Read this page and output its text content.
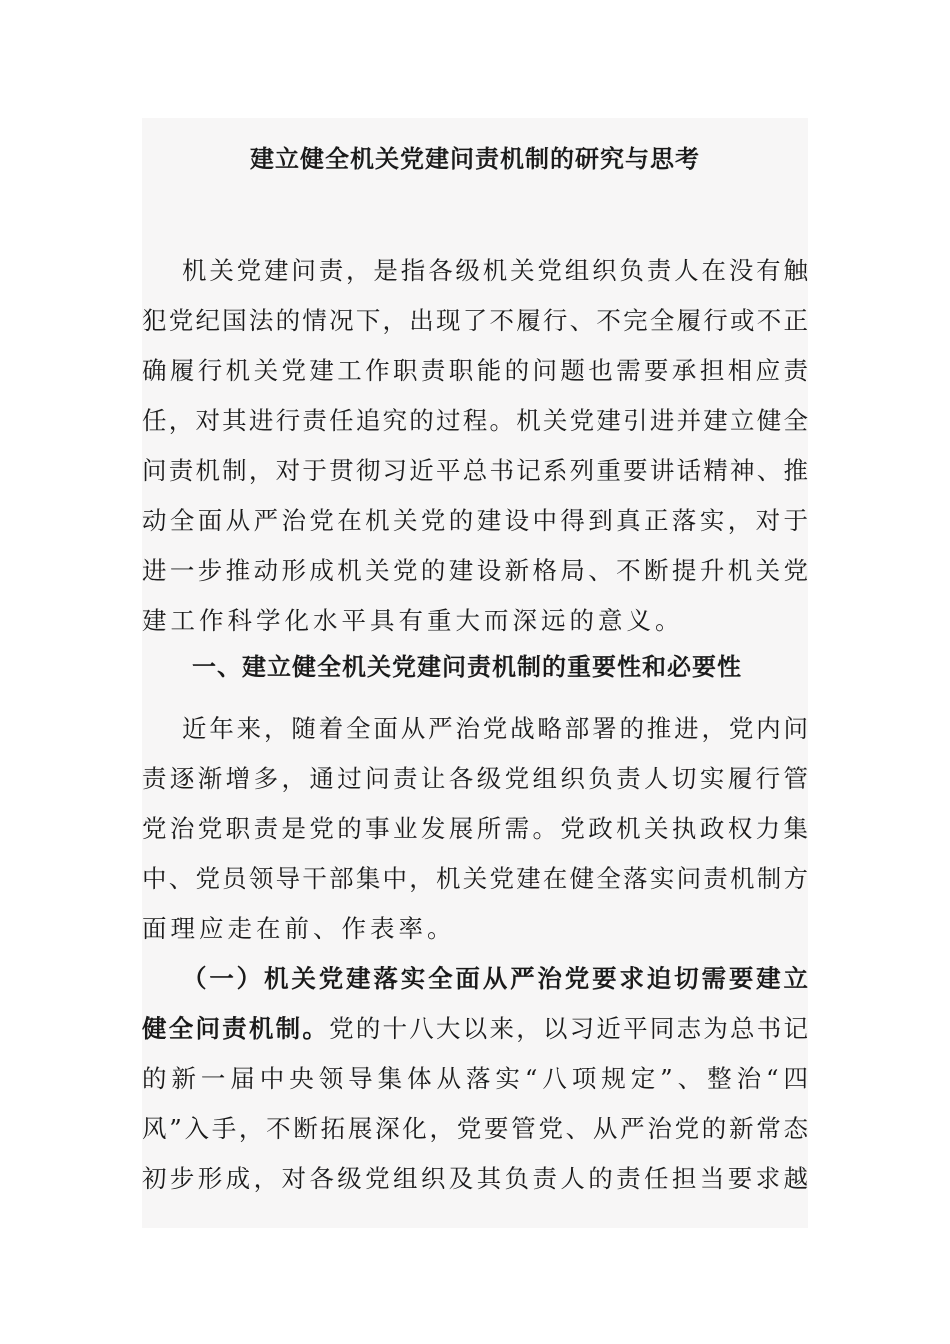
建立健全机关党建问责机制的研究与思考
机关党建问责，是指各级机关党组织负责人在没有触
犯党纪国法的情况下，出现了不履行、不完全履行或不正
确履行机关党建工作职责职能的问题也需要承担相应责
任，对其进行责任追究的过程。机关党建引进并建立健全
问责机制，对于贯彻习近平总书记系列重要讲话精神、推
动全面从严治党在机关党的建设中得到真正落实，对于
进一步推动形成机关党的建设新格局、不断提升机关党
建工作科学化水平具有重大而深远的意义。
一、建立健全机关党建问责机制的重要性和必要性
近年来，随着全面从严治党战略部署的推进，党内问
责逐渐增多，通过问责让各级党组织负责人切实履行管
党治党职责是党的事业发展所需。党政机关执政权力集
中、党员领导干部集中，机关党建在健全落实问责机制方
面理应走在前、作表率。
（一）机关党建落实全面从严治党要求迫切需要建立
健全问责机制。党的十八大以来，以习近平同志为总书记
的新一届中央领导集体从落实“八项规定”、整治“四
风”入手，不断拓展深化，党要管党、从严治党的新常态
初步形成，对各级党组织及其负责人的责任担当要求越
